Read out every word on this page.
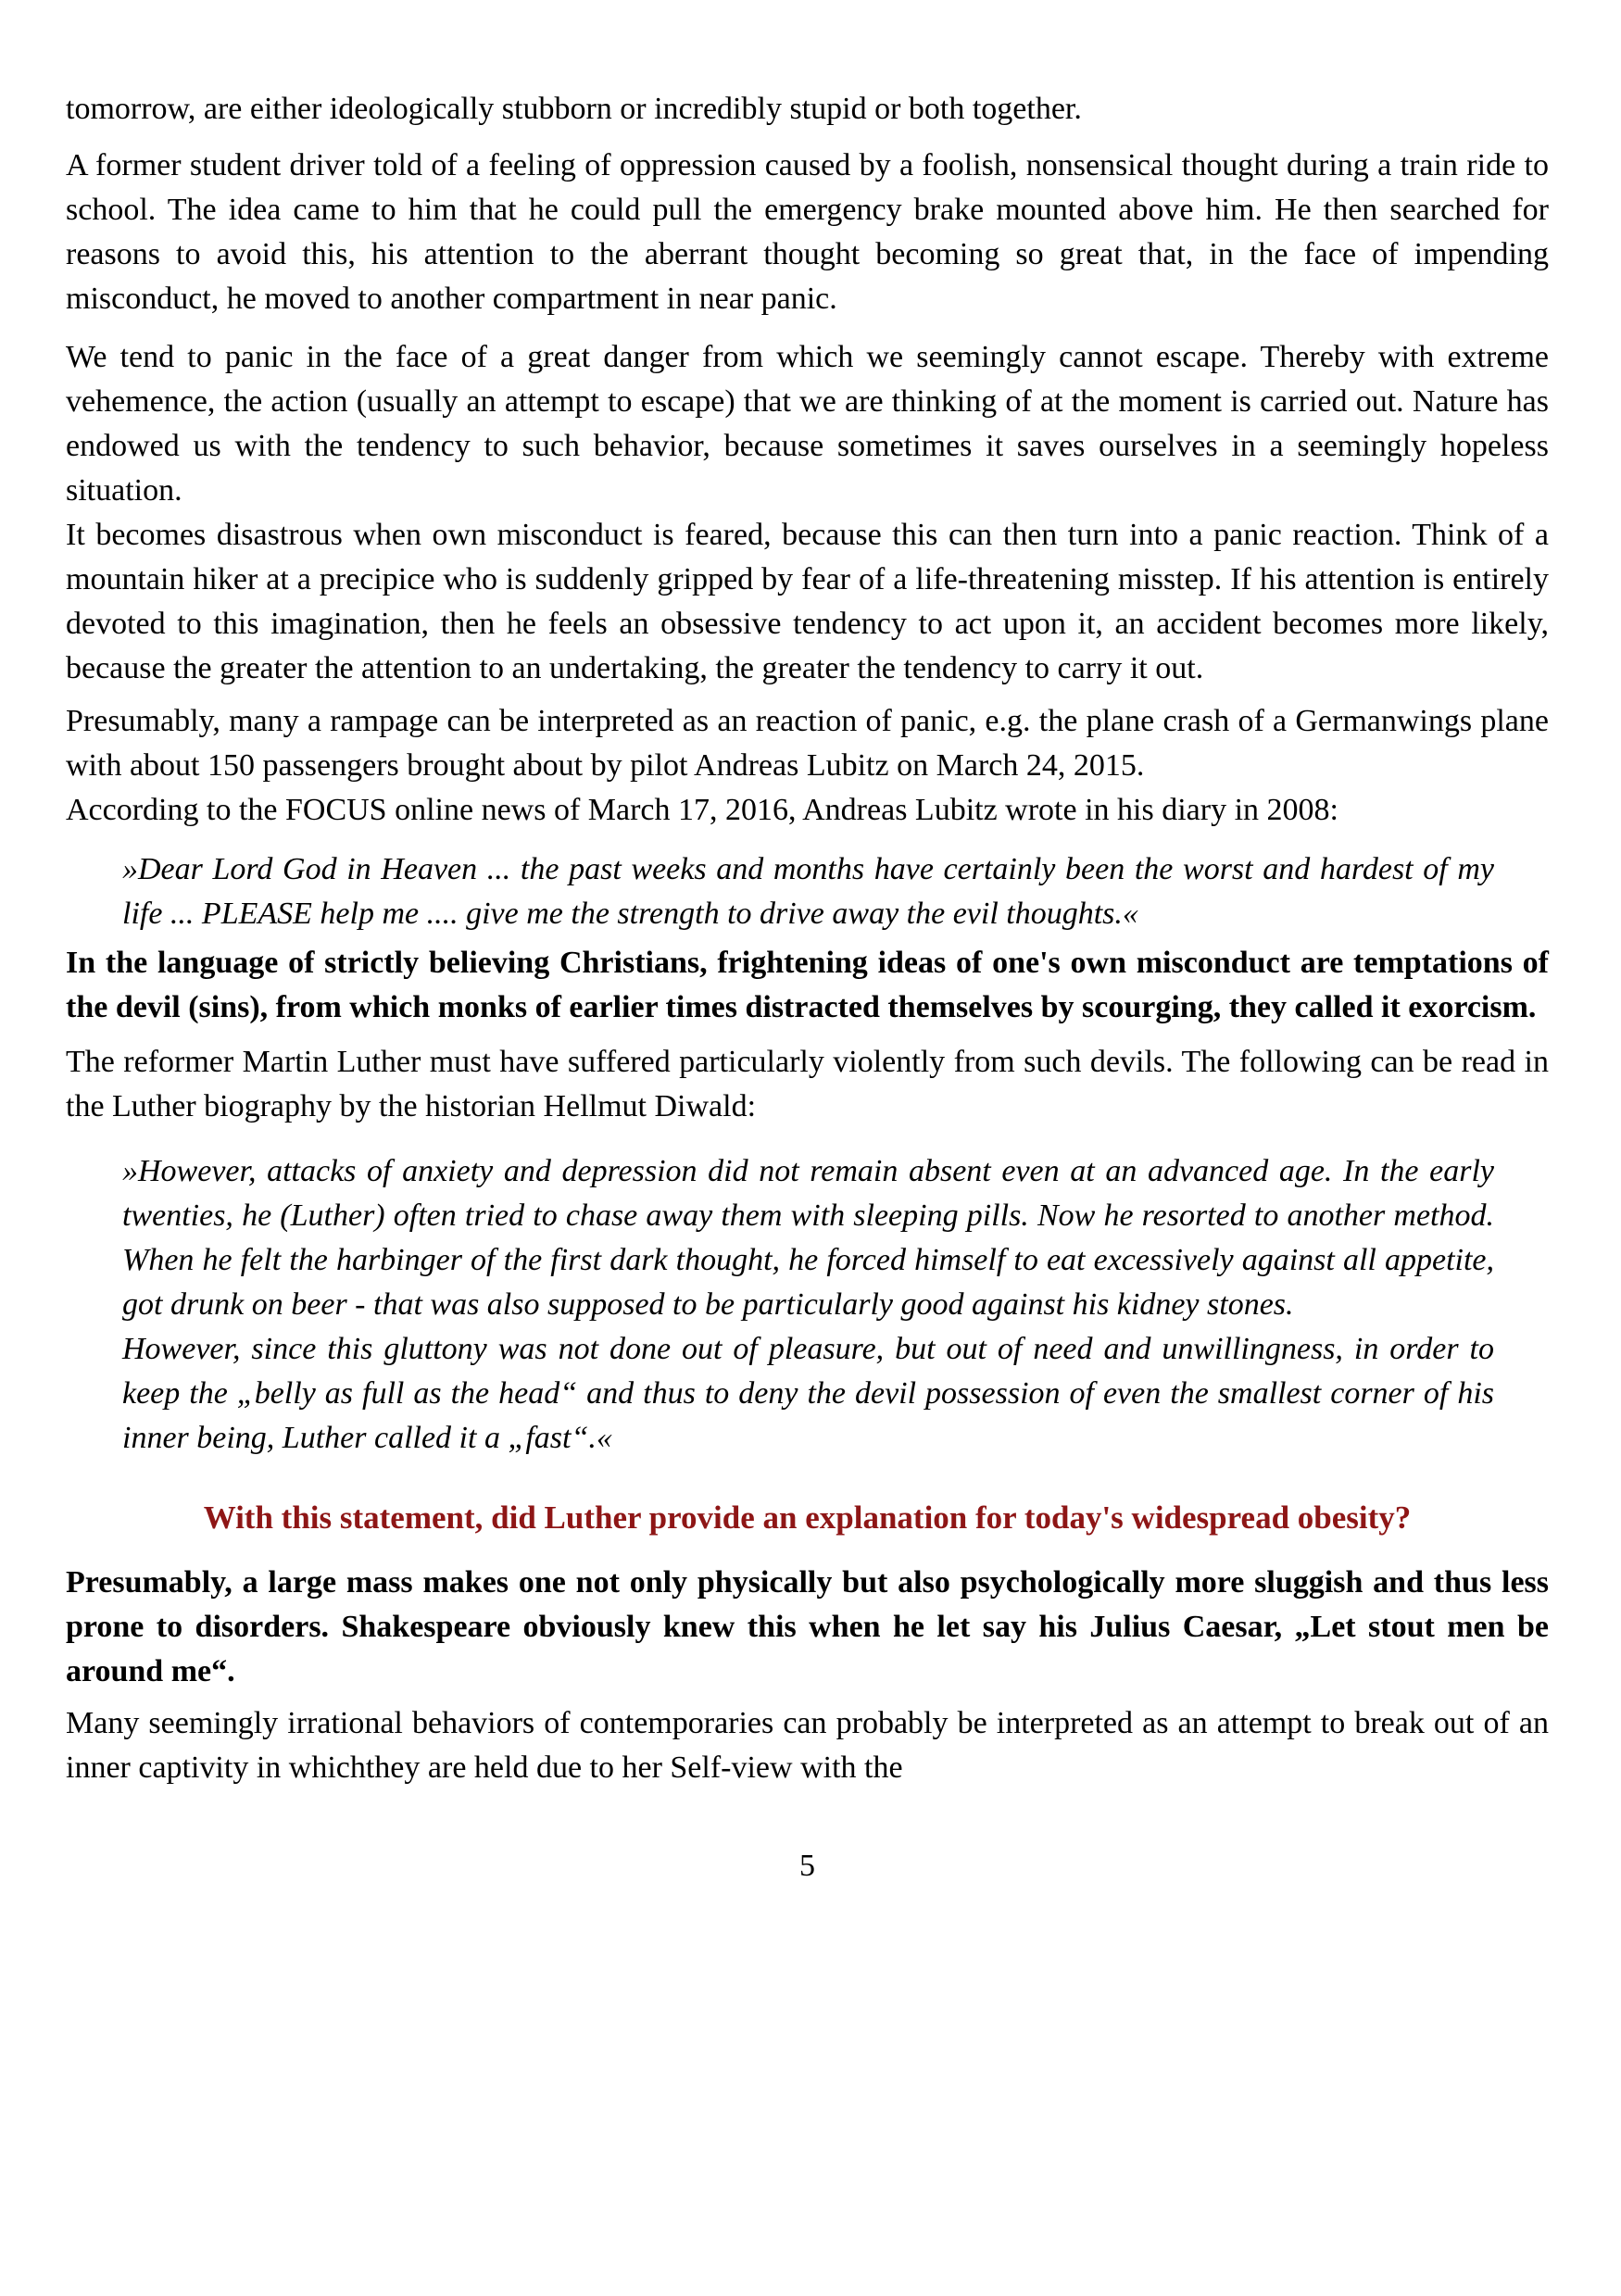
tomorrow, are either ideologically stubborn or incredibly stupid or both together.

A former student driver told of a feeling of oppression caused by a foolish, nonsensical thought during a train ride to school. The idea came to him that he could pull the emergency brake mounted above him. He then searched for reasons to avoid this, his attention to the aberrant thought becoming so great that, in the face of impending misconduct, he moved to another compartment in near panic.

We tend to panic in the face of a great danger from which we seemingly cannot escape. Thereby with extreme vehemence, the action (usually an attempt to escape) that we are thinking of at the moment is carried out. Nature has endowed us with the tendency to such behavior, because sometimes it saves ourselves in a seemingly hopeless situation.

It becomes disastrous when own misconduct is feared, because this can then turn into a panic reaction. Think of a mountain hiker at a precipice who is suddenly gripped by fear of a life-threatening misstep. If his attention is entirely devoted to this imagination, then he feels an obsessive tendency to act upon it, an accident becomes more likely, because the greater the attention to an undertaking, the greater the tendency to carry it out.

Presumably, many a rampage can be interpreted as an reaction of panic, e.g. the plane crash of a Germanwings plane with about 150 passengers brought about by pilot Andreas Lubitz on March 24, 2015.

According to the FOCUS online news of March 17, 2016, Andreas Lubitz wrote in his diary in 2008:

»Dear Lord God in Heaven ... the past weeks and months have certainly been the worst and hardest of my life ... PLEASE help me .... give me the strength to drive away the evil thoughts.«

In the language of strictly believing Christians, frightening ideas of one's own misconduct are temptations of the devil (sins), from which monks of earlier times distracted themselves by scourging, they called it exorcism.

The reformer Martin Luther must have suffered particularly violently from such devils. The following can be read in the Luther biography by the historian Hellmut Diwald:

»However, attacks of anxiety and depression did not remain absent even at an advanced age. In the early twenties, he (Luther) often tried to chase away them with sleeping pills. Now he resorted to another method. When he felt the harbinger of the first dark thought, he forced himself to eat excessively against all appetite, got drunk on beer - that was also supposed to be particularly good against his kidney stones.

However, since this gluttony was not done out of pleasure, but out of need and unwillingness, in order to keep the „belly as full as the head“ and thus to deny the devil possession of even the smallest corner of his inner being, Luther called it a „fast“.«

With this statement, did Luther provide an explanation for today's widespread obesity?

Presumably, a large mass makes one not only physically but also psychologically more sluggish and thus less prone to disorders. Shakespeare obviously knew this when he let say his Julius Caesar, „Let stout men be around me“.

Many seemingly irrational behaviors of contemporaries can probably be interpreted as an attempt to break out of an inner captivity in whichthey are held due to her Self-view with the

5
